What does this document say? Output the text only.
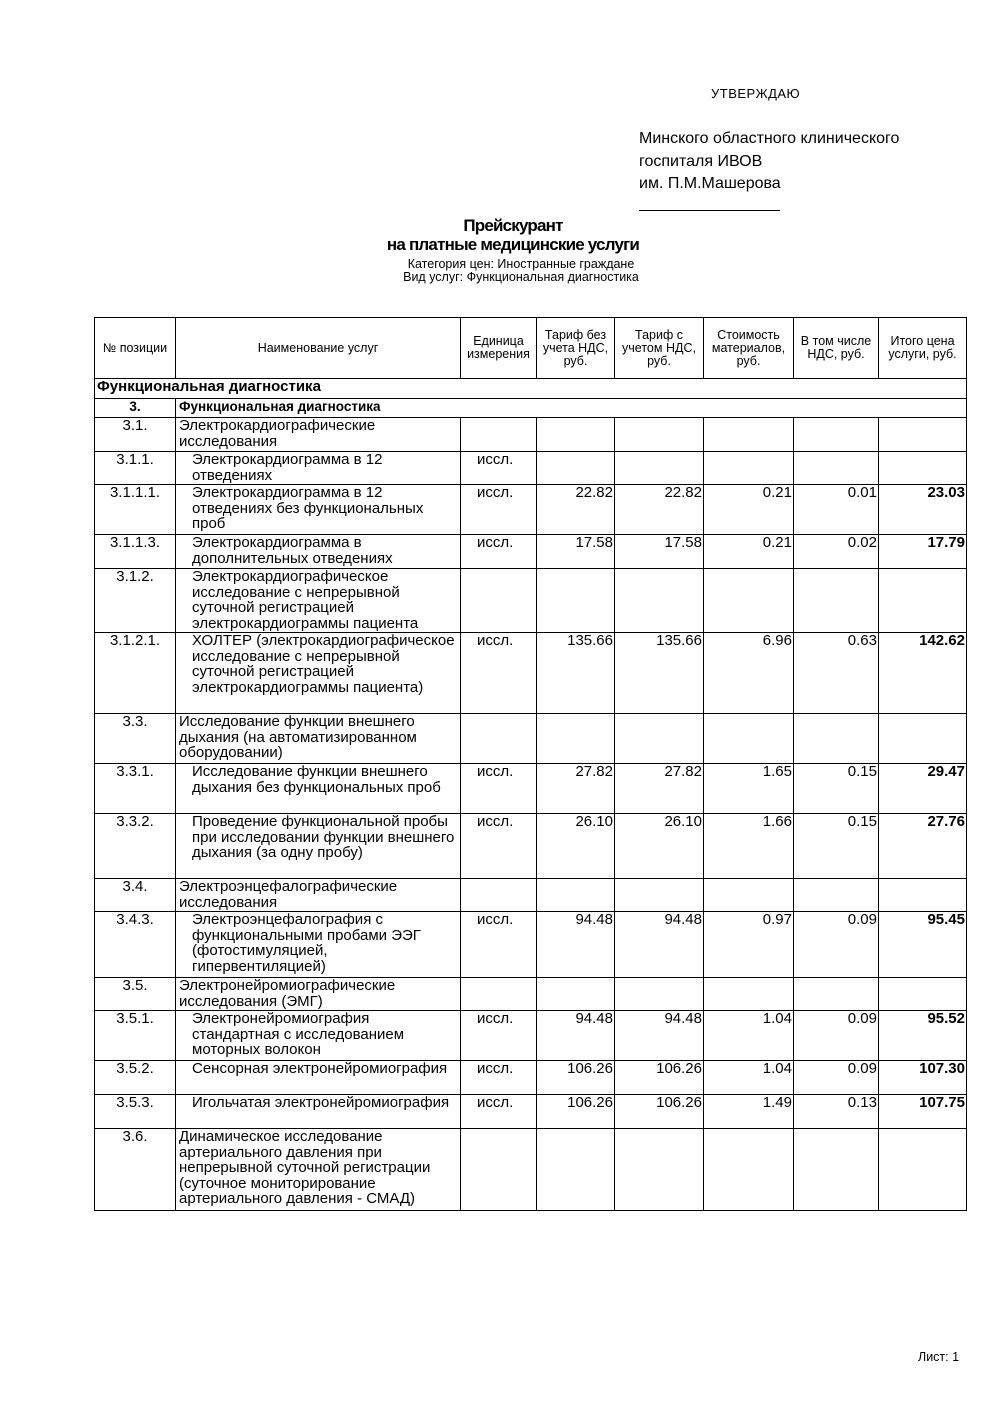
УТВЕРЖДАЮ
Минского областного клинического
госпиталя ИВОВ
им. П.М.Машерова
Прейскурант
на платные медицинские услуги
Категория цен: Иностранные граждане
Вид услуг: Функциональная диагностика
№ позиции	Наименование услуг	Единица измерения	Тариф без учета НДС, руб.	Тариф с учетом НДС, руб.	Стоимость материалов, руб.	В том числе НДС, руб.	Итого цена услуги, руб.
Функциональная диагностика							
3.	Функциональная диагностика						
3.1.	Электрокардиографические исследования						
3.1.1.	Электрокардиограмма в 12 отведениях	иссл.					
3.1.1.1.	Электрокардиограмма в 12 отведениях без функциональных проб	иссл.	22.82	22.82	0.21	0.01	23.03
3.1.1.3.	Электрокардиограмма в дополнительных отведениях	иссл.	17.58	17.58	0.21	0.02	17.79
3.1.2.	Электрокардиографическое исследование с непрерывной суточной регистрацией электрокардиограммы пациента						
3.1.2.1.	ХОЛТЕР (электрокардиографическое исследование с непрерывной суточной регистрацией электрокардиограммы пациента)	иссл.	135.66	135.66	6.96	0.63	142.62
3.3.	Исследование функции внешнего дыхания (на автоматизированном оборудовании)						
3.3.1.	Исследование функции внешнего дыхания без функциональных проб	иссл.	27.82	27.82	1.65	0.15	29.47
3.3.2.	Проведение функциональной пробы при исследовании функции внешнего дыхания (за одну пробу)	иссл.	26.10	26.10	1.66	0.15	27.76
3.4.	Электроэнцефалографические исследования						
3.4.3.	Электроэнцефалография с функциональными пробами ЭЭГ (фотостимуляцией, гипервентиляцией)	иссл.	94.48	94.48	0.97	0.09	95.45
3.5.	Электронейромиографические исследования (ЭМГ)						
3.5.1.	Электронейромиография стандартная с исследованием моторных волокон	иссл.	94.48	94.48	1.04	0.09	95.52
3.5.2.	Сенсорная электронейромиография	иссл.	106.26	106.26	1.04	0.09	107.30
3.5.3.	Игольчатая электронейромиография	иссл.	106.26	106.26	1.49	0.13	107.75
3.6.	Динамическое исследование артериального давления при непрерывной суточной регистрации (суточное мониторирование артериального давления - СМАД)						
Лист: 1
